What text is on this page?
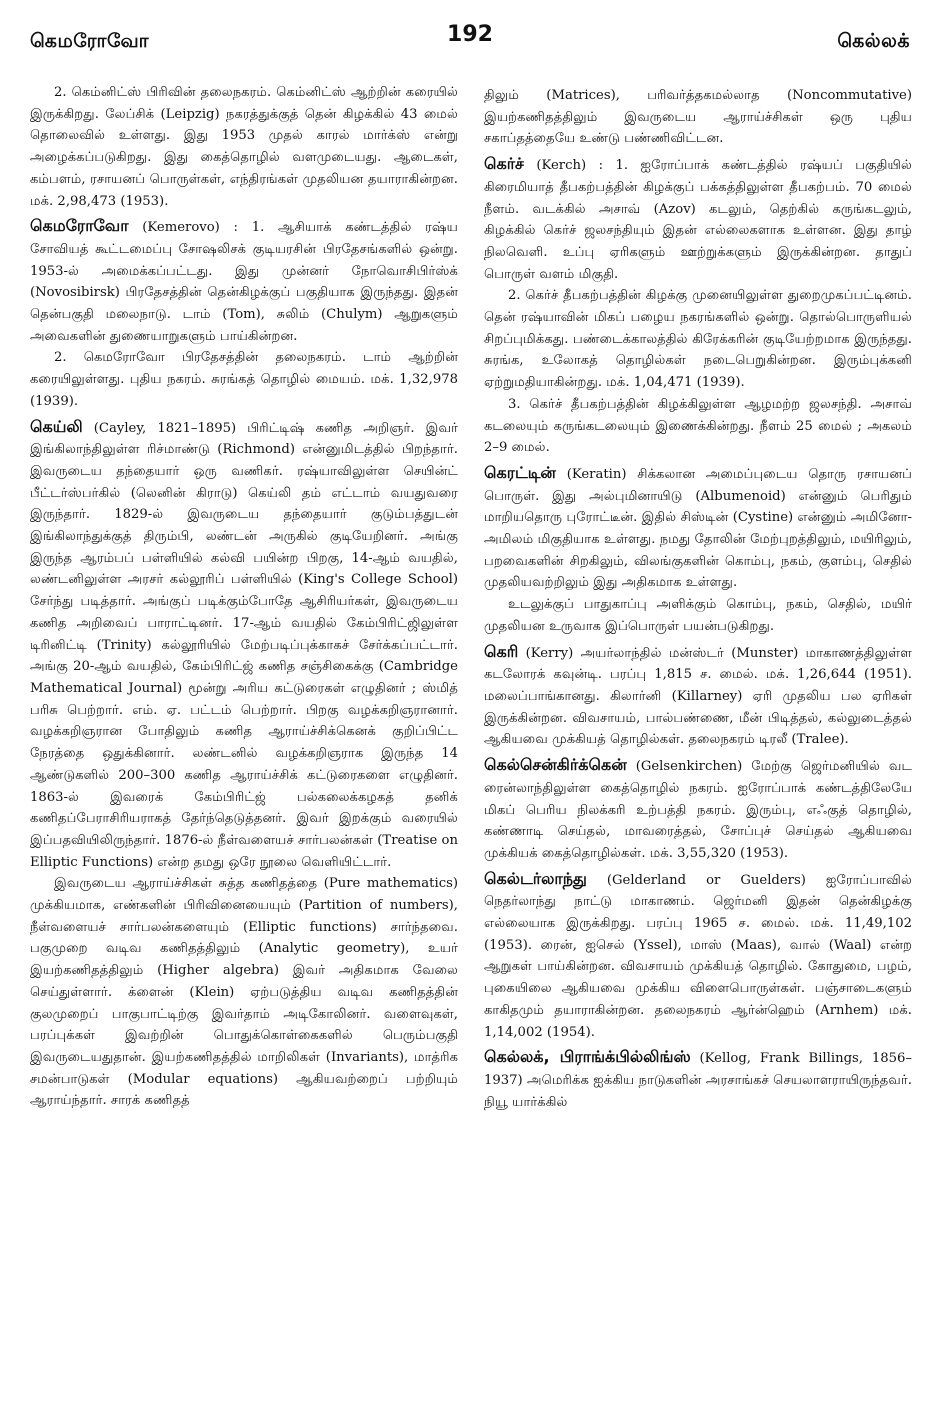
கெமரோவோ	192	கெல்லக்

2. கெம்னிட்ஸ் பிரிவின் தலைநகரம். கெம்னிட்ஸ் ஆற்றின் கரையில் இருக்கிறது. லேப்சிக் (Leipzig) நகரத்துக்குத் தென் கிழக்கில் 43 மைல் தொலைவில் உள்ளது. இது 1953 முதல் காரல் மார்க்ஸ் என்று அழைக்கப்படுகிறது. இது கைத்தொழில் வளமுடையது. ஆடைகள், கம்பளம், ரசாயனப் பொருள்கள், எந்திரங்கள் முதலியன தயாராகின்றன. மக். 2,98,473 (1953).

கெமரோவோ (Kemerovo) : 1. ஆசியாக் கண்டத்தில் ரஷ்ய சோவியத் கூட்டமைப்பு சோஷலிசக் குடியரசின் பிரதேசங்களில் ஒன்று. 1953-ல் அமைக்கப்பட்டது. இது முன்னர் நோவொசிபிர்ஸ்க் (Novosibirsk) பிரதேசத்தின் தென்கிழக்குப் பகுதியாக இருந்தது. இதன் தென்பகுதி மலைநாடு. டாம் (Tom), சுலிம் (Chulym) ஆறுகளும் அவைகளின் துணையாறுகளும் பாய்கின்றன.

2. கெமரோவோ பிரதேசத்தின் தலைநகரம். டாம் ஆற்றின் கரையிலுள்ளது. புதிய நகரம். சுரங்கத் தொழில் மையம். மக். 1,32,978 (1939).

கெய்லி (Cayley, 1821–1895) பிரிட்டிஷ் கணித அறிஞர். இவர் இங்கிலாந்திலுள்ள ரிச்மாண்டு (Richmond) என்னுமிடத்தில் பிறந்தார். இவருடைய தந்தையார் ஒரு வணிகர். ரஷ்யாவிலுள்ள செயின்ட் பீட்டர்ஸ்பர்கில் (லெனின் கிராடு) கெய்லி தம் எட்டாம் வயதுவரை இருந்தார். 1829-ல் இவருடைய தந்தையார் குடும்பத்துடன் இங்கிலாந்துக்குத் திரும்பி, லண்டன் அருகில் குடியேறினர். அங்கு இருந்த ஆரம்பப் பள்ளியில் கல்வி பயின்ற பிறகு, 14-ஆம் வயதில், லண்டனிலுள்ள அரசர் கல்லூரிப் பள்ளியில் (King's College School) சேர்ந்து படித்தார். அங்குப் படிக்கும்போதே ஆசிரியர்கள், இவருடைய கணித அறிவைப் பாராட்டினர். 17-ஆம் வயதில் கேம்பிரிட்ஜிலுள்ள டிரினிட்டி (Trinity) கல்லூரியில் மேற்படிப்புக்காகச் சேர்க்கப்பட்டார். அங்கு 20-ஆம் வயதில், கேம்பிரிட்ஜ் கணித சஞ்சிகைக்கு (Cambridge Mathematical Journal) மூன்று அரிய கட்டுரைகள் எழுதினர் ; ஸ்மித் பரிசு பெற்றார். எம். ஏ. பட்டம் பெற்றார். பிறகு வழக்கறிஞரானார். வழக்கறிஞரான போதிலும் கணித ஆராய்ச்சிக்கெனக் குறிப்பிட்ட நேரத்தை ஒதுக்கினார். லண்டனில் வழக்கறிஞராக இருந்த 14 ஆண்டுகளில் 200–300 கணித ஆராய்ச்சிக் கட்டுரைகளை எழுதினர். 1863-ல் இவரைக் கேம்பிரிட்ஜ் பல்கலைக்கழகத் தனிக் கணிதப்பேராசிரியராகத் தேர்ந்தெடுத்தனர். இவர் இறக்கும் வரையில் இப்பதவியிலிருந்தார். 1876-ல் நீள்வளையச் சார்பலன்கள் (Treatise on Elliptic Functions) என்ற தமது ஒரே நூலை வெளியிட்டார்.

இவருடைய ஆராய்ச்சிகள் சுத்த கணிதத்தை (Pure mathematics) முக்கியமாக, எண்களின் பிரிவினையையும் (Partition of numbers), நீள்வளையச் சார்பலன்களையும் (Elliptic functions) சார்ந்தவை. பகுமுறை வடிவ கணிதத்திலும் (Analytic geometry), உயர் இயற்கணிதத்திலும் (Higher algebra) இவர் அதிகமாக வேலை செய்துள்ளார். க்ளைன் (Klein) ஏற்படுத்திய வடிவ கணிதத்தின் குலமுறைப் பாகுபாட்டிற்கு இவர்தாம் அடிகோலினர். வளைவுகள், பரப்புக்கள் இவற்றின் பொதுக்கொள்கைகளில் பெரும்பகுதி இவருடையதுதான். இயற்கணிதத்தில் மாறிலிகள் (Invariants), மாத்ரிக சமன்பாடுகள் (Modular equations) ஆகியவற்றைப் பற்றியும் ஆராய்ந்தார். சாரக் கணிதத்

திலும் (Matrices), பரிவர்த்தகமல்லாத (Noncommutative) இயற்கணிதத்திலும் இவருடைய ஆராய்ச்சிகள் ஒரு புதிய சகாப்தத்தையே உண்டு பண்ணிவிட்டன.

கெர்ச் (Kerch) : 1. ஐரோப்பாக் கண்டத்தில் ரஷ்யப் பகுதியில் கிரைமியாத் தீபகற்பத்தின் கிழக்குப் பக்கத்திலுள்ள தீபகற்பம். 70 மைல் நீளம். வடக்கில் அசாவ் (Azov) கடலும், தெற்கில் கருங்கடலும், கிழக்கில் கெர்ச் ஜலசந்தியும் இதன் எல்லைகளாக உள்ளன. இது தாழ் நிலவெளி. உப்பு ஏரிகளும் ஊற்றுக்களும் இருக்கின்றன. தாதுப் பொருள் வளம் மிகுதி.

2. கெர்ச் தீபகற்பத்தின் கிழக்கு முனையிலுள்ள துறைமுகப்பட்டினம். தென் ரஷ்யாவின் மிகப் பழைய நகரங்களில் ஒன்று. தொல்பொருளியல் சிறப்புமிக்கது. பண்டைக்காலத்தில் கிரேக்கரின் குடியேற்றமாக இருந்தது. சுரங்க, உலோகத் தொழில்கள் நடைபெறுகின்றன. இரும்புக்கனி ஏற்றுமதியாகின்றது. மக். 1,04,471 (1939).

3. கெர்ச் தீபகற்பத்தின் கிழக்கிலுள்ள ஆழமற்ற ஜலசந்தி. அசாவ் கடலையும் கருங்கடலையும் இணைக்கின்றது. நீளம் 25 மைல் ; அகலம் 2–9 மைல்.

கெரட்டின் (Keratin) சிக்கலான அமைப்புடைய தொரு ரசாயனப் பொருள். இது அல்புமினாயிடு (Albumenoid) என்னும் பெரிதும் மாறியதொரு புரோட்டீன். இதில் சிஸ்டின் (Cystine) என்னும் அமினோ-அமிலம் மிகுதியாக உள்ளது. நமது தோலின் மேற்புறத்திலும், மயிரிலும், பறவைகளின் சிறகிலும், விலங்குகளின் கொம்பு, நகம், குளம்பு, செதில் முதலியவற்றிலும் இது அதிகமாக உள்ளது.

உடலுக்குப் பாதுகாப்பு அளிக்கும் கொம்பு, நகம், செதில், மயிர் முதலியன உருவாக இப்பொருள் பயன்படுகிறது.

கெரி (Kerry) அயர்லாந்தில் மன்ஸ்டர் (Munster) மாகாணத்திலுள்ள கடலோரக் கவுன்டி. பரப்பு 1,815 ச. மைல். மக். 1,26,644 (1951). மலைப்பாங்கானது. கிலார்னி (Killarney) ஏரி முதலிய பல ஏரிகள் இருக்கின்றன. விவசாயம், பால்பண்ணை, மீன் பிடித்தல், கல்லுடைத்தல் ஆகியவை முக்கியத் தொழில்கள். தலைநகரம் டிரலீ (Tralee).

கெல்சென்கிர்க்கென் (Gelsenkirchen) மேற்கு ஜெர்மனியில் வட ரைன்லாந்திலுள்ள கைத்தொழில் நகரம். ஐரோப்பாக் கண்டத்திலேயே மிகப் பெரிய நிலக்கரி உற்பத்தி நகரம். இரும்பு, எஃகுத் தொழில், கண்ணாடி செய்தல், மாவரைத்தல், சோப்புச் செய்தல் ஆகியவை முக்கியக் கைத்தொழில்கள். மக். 3,55,320 (1953).

கெல்டர்லாந்து (Gelderland or Guelders) ஐரோப்பாவில் நெதர்லாந்து நாட்டு மாகாணம். ஜெர்மனி இதன் தென்கிழக்கு எல்லையாக இருக்கிறது. பரப்பு 1965 ச. மைல். மக். 11,49,102 (1953). ரைன், ஐசெல் (Yssel), மாஸ் (Maas), வால் (Waal) என்ற ஆறுகள் பாய்கின்றன. விவசாயம் முக்கியத் தொழில். கோதுமை, பழம், புகையிலை ஆகியவை முக்கிய விளைபொருள்கள். பஞ்சாடைகளும் காகிதமும் தயாராகின்றன. தலைநகரம் ஆர்ன்ஹெம் (Arnhem) மக். 1,14,002 (1954).

கெல்லக், பிராங்க்பில்லிங்ஸ் (Kellog, Frank Billings, 1856–1937) அமெரிக்க ஐக்கிய நாடுகளின் அரசாங்கச் செயலாளராயிருந்தவர். நியூ யார்க்கில்
